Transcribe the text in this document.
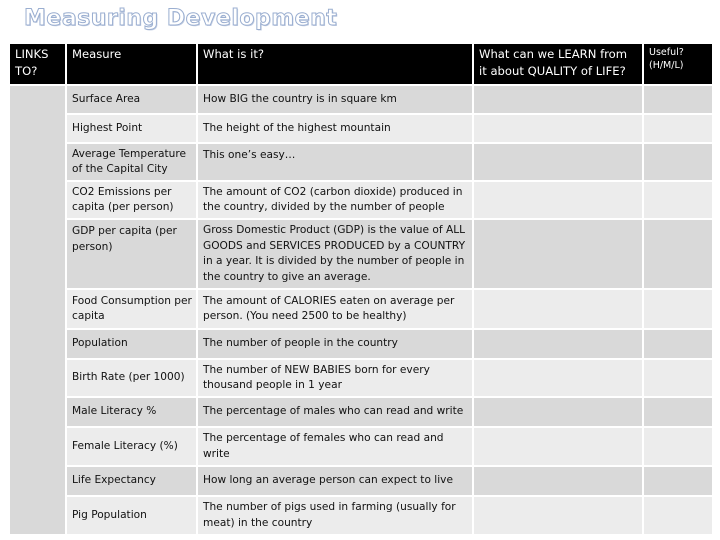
Measuring Development
LINKS TO?	Measure	What is it?	What can we LEARN from it about QUALITY of LIFE?	Useful? (H/M/L)
	Surface Area	How BIG the country is in square km		
	Highest Point	The height of the highest mountain		
	Average Temperature of the Capital City	This one’s easy…		
	CO2 Emissions per capita (per person)	The amount of CO2 (carbon dioxide) produced in the country, divided by the number of people		
	GDP per capita (per person)	Gross Domestic Product (GDP) is the value of ALL GOODS and SERVICES PRODUCED by a COUNTRY in a year. It is divided by the number of people in the country to give an average.		
	Food Consumption per capita	The amount of CALORIES eaten on average per person. (You need 2500 to be healthy)		
	Population	The number of people in the country		
	Birth Rate (per 1000)	The number of NEW BABIES born for every thousand people in 1 year		
	Male Literacy %	The percentage of males who can read and write		
	Female Literacy (%)	The percentage of females who can read and write		
	Life Expectancy	How long an average person can expect to live		
	Pig Population	The number of pigs used in farming (usually for meat) in the country		
